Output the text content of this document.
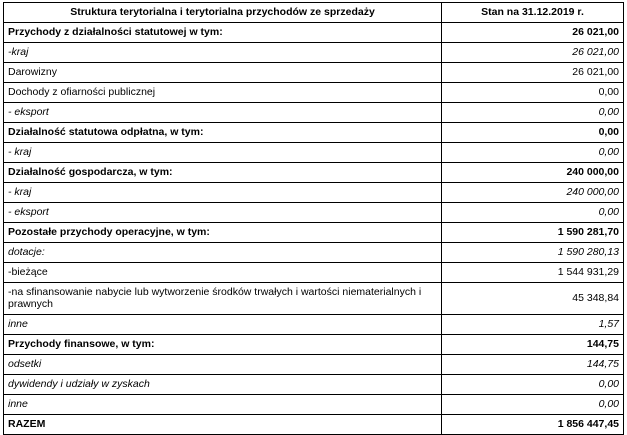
Struktura terytorialna i terytorialna przychodów ze sprzedaży	Stan na 31.12.2019 r.
Przychody z działalności statutowej w tym:	26 021,00
-kraj	26 021,00
Darowizny	26 021,00
Dochody z ofiarności publicznej	0,00
- eksport	0,00
Działalność statutowa odpłatna, w tym:	0,00
- kraj	0,00
Działalność gospodarcza, w tym:	240 000,00
- kraj	240 000,00
- eksport	0,00
Pozostałe przychody operacyjne, w tym:	1 590 281,70
dotacje:	1 590 280,13
-bieżące	1 544 931,29
-na sfinansowanie nabycie lub wytworzenie środków trwałych i wartości niematerialnych i prawnych	45 348,84
inne	1,57
Przychody finansowe, w tym:	144,75
odsetki	144,75
dywidendy i udziały w zyskach	0,00
inne	0,00
RAZEM	1 856 447,45
